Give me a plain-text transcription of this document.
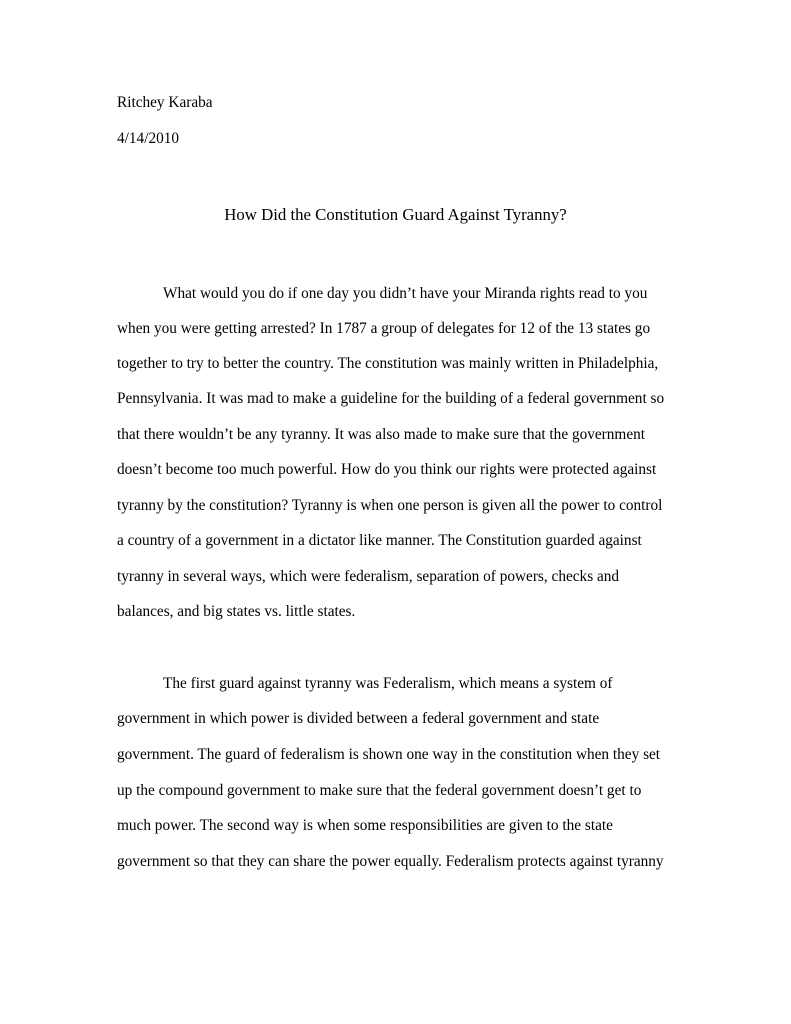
Ritchey Karaba
4/14/2010
How Did the Constitution Guard Against Tyranny?
What would you do if one day you didn’t have your Miranda rights read to you
when you were getting arrested? In 1787 a group of delegates for 12 of the 13 states go
together to try to better the country. The constitution was mainly written in Philadelphia,
Pennsylvania. It was mad to make a guideline for the building of a federal government so
that there wouldn’t be any tyranny. It was also made to make sure that the government
doesn’t become too much powerful. How do you think our rights were protected against
tyranny by the constitution? Tyranny is when one person is given all the power to control
a country of a government in a dictator like manner. The Constitution guarded against
tyranny in several ways, which were federalism, separation of powers, checks and
balances, and big states vs. little states.
The first guard against tyranny was Federalism, which means a system of
government in which power is divided between a federal government and state
government. The guard of federalism is shown one way in the constitution when they set
up the compound government to make sure that the federal government doesn’t get to
much power. The second way is when some responsibilities are given to the state
government so that they can share the power equally. Federalism protects against tyranny
